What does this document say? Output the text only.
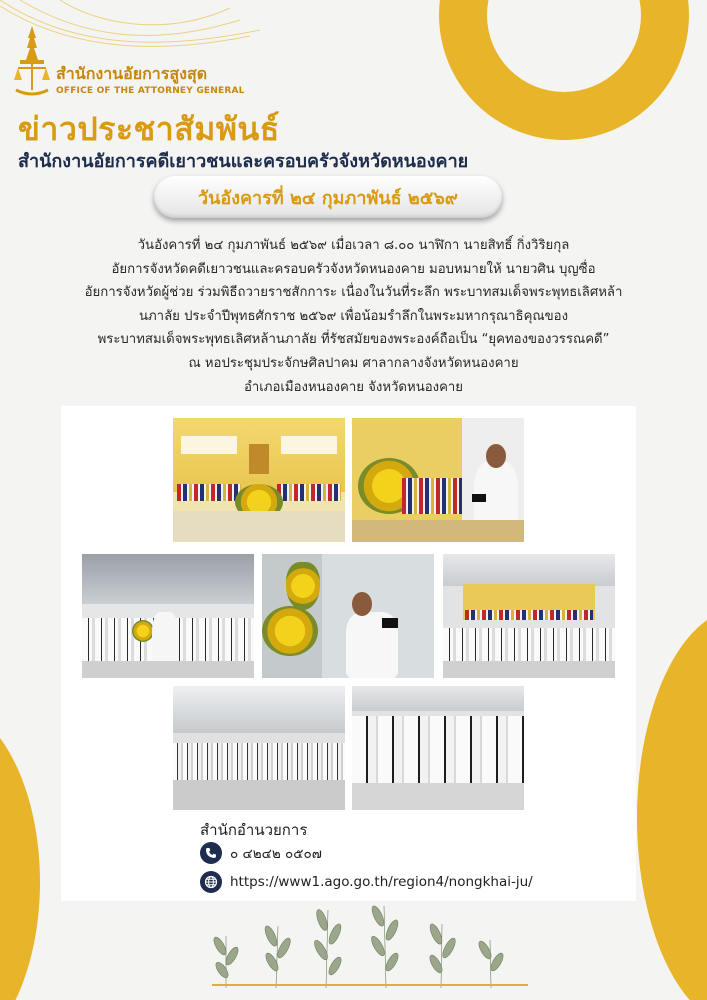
สำนักงานอัยการสูงสุด
OFFICE OF THE ATTORNEY GENERAL
ข่าวประชาสัมพันธ์
สำนักงานอัยการคดีเยาวชนและครอบครัวจังหวัดหนองคาย
วันอังคารที่ ๒๔ กุมภาพันธ์ ๒๕๖๙
วันอังคารที่ ๒๔ กุมภาพันธ์ ๒๕๖๙ เมื่อเวลา ๘.๐๐ นาฬิกา นายสิทธิ์ กิ่งวิริยกุล
อัยการจังหวัดคดีเยาวชนและครอบครัวจังหวัดหนองคาย มอบหมายให้ นายวศิน บุญซื่อ
อัยการจังหวัดผู้ช่วย ร่วมพิธีถวายราชสักการะ เนื่องในวันที่ระลึก พระบาทสมเด็จพระพุทธเลิศหล้า
นภาลัย ประจำปีพุทธศักราช ๒๕๖๙ เพื่อน้อมรำลึกในพระมหากรุณาธิคุณของ
พระบาทสมเด็จพระพุทธเลิศหล้านภาลัย ที่รัชสมัยของพระองค์ถือเป็น “ยุคทองของวรรณคดี”
ณ หอประชุมประจักษศิลปาคม ศาลากลางจังหวัดหนองคาย
อำเภอเมืองหนองคาย จังหวัดหนองคาย
สำนักอำนวยการ
๐ ๔๒๔๒ ๐๕๐๗
https://www1.ago.go.th/region4/nongkhai-ju/
